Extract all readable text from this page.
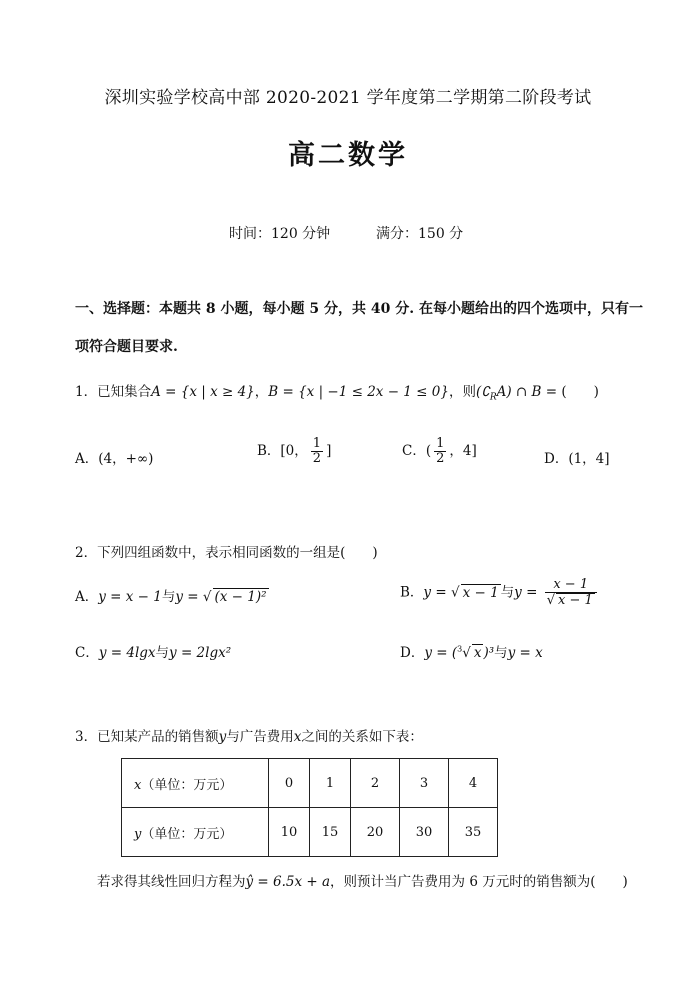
深圳实验学校高中部 2020-2021 学年度第二学期第二阶段考试
高二数学
时间：120 分钟	满分：150 分
一、选择题：本题共 8 小题，每小题 5 分，共 40 分. 在每小题给出的四个选项中，只有一
项符合题目要求.
1．已知集合A = {x | x ≥ 4}，B = {x | −1 ≤ 2x − 1 ≤ 0}，则$(∁_RA)$ ∩ B = (　　)
A．(4，+∞)	B．[0， $\frac{1}{2}$ ]	C．( $\frac{1}{2}$ ，4]	D．(1，4]
2．下列四组函数中，表示相同函数的一组是(　　)
A．y = x − 1与y = √ (x − 1)²	B．y = √ x − 1 与$y = \frac{x - 1}{√ x - 1}$
C．y = 4lgx与y = 2lgx²	D．y = ($^3$√ x )³与y = x
3．已知某产品的销售额y与广告费用x之间的关系如下表：
x（单位：万元）	0	1	2	3	4
y（单位：万元）	10	15	20	30	35
若求得其线性回归方程为ŷ = 6.5x + a，则预计当广告费用为 6 万元时的销售额为(　　)
